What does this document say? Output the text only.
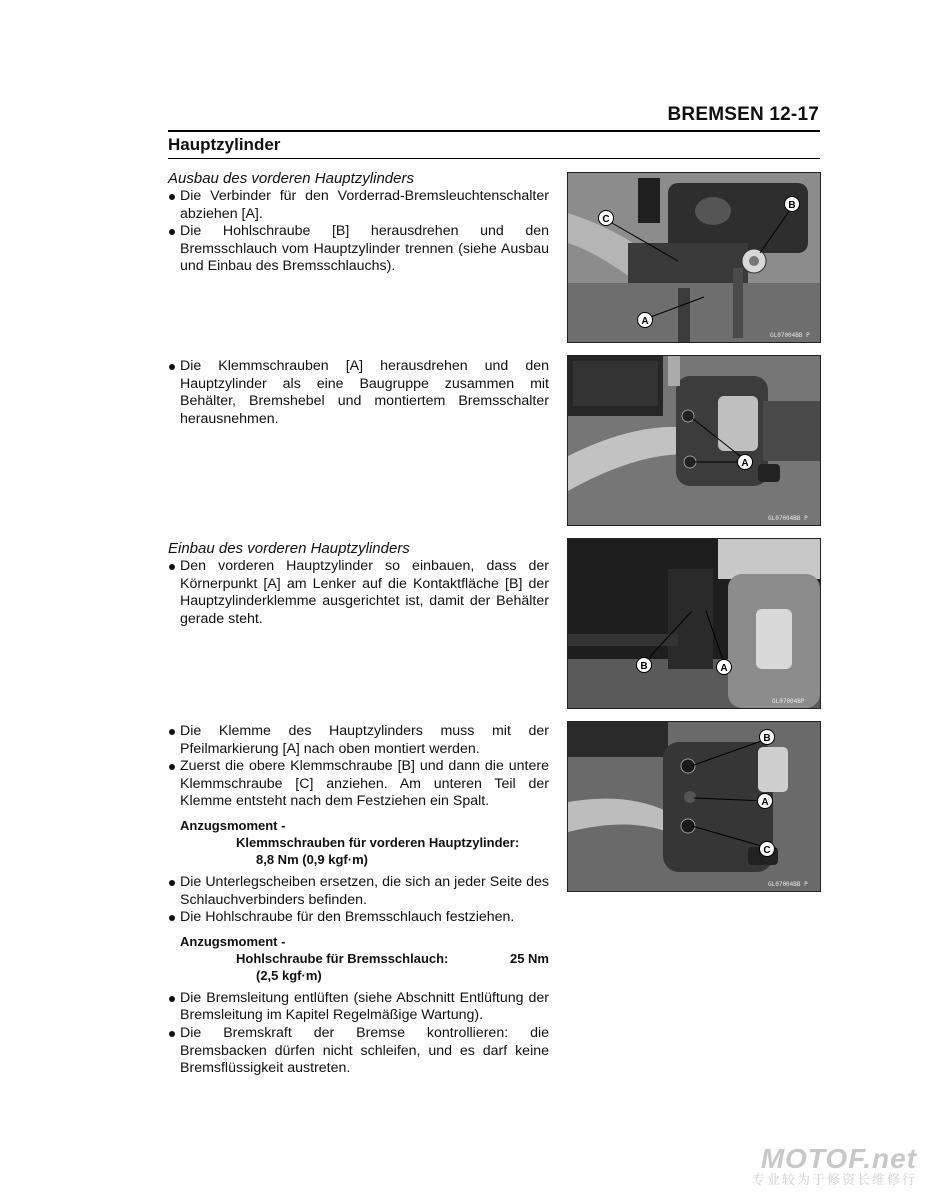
BREMSEN 12-17
Hauptzylinder
Ausbau des vorderen Hauptzylinders
Die Verbinder für den Vorderrad-Bremsleuchtenschalter abziehen [A].
Die Hohlschraube [B] herausdrehen und den Bremsschlauch vom Hauptzylinder trennen (siehe Ausbau und Einbau des Bremsschlauchs).
Die Klemmschrauben [A] herausdrehen und den Hauptzylinder als eine Baugruppe zusammen mit Behälter, Bremshebel und montiertem Bremsschalter herausnehmen.
Einbau des vorderen Hauptzylinders
Den vorderen Hauptzylinder so einbauen, dass der Körnerpunkt [A] am Lenker auf die Kontaktfläche [B] der Hauptzylinderklemme ausgerichtet ist, damit der Behälter gerade steht.
Die Klemme des Hauptzylinders muss mit der Pfeilmarkierung [A] nach oben montiert werden.
Zuerst die obere Klemmschraube [B] und dann die untere Klemmschraube [C] anziehen. Am unteren Teil der Klemme entsteht nach dem Festziehen ein Spalt.
Anzugsmoment -
Klemmschrauben für vorderen Hauptzylinder:
8,8 Nm (0,9 kgf·m)
Die Unterlegscheiben ersetzen, die sich an jeder Seite des Schlauchverbinders befinden.
Die Hohlschraube für den Bremsschlauch festziehen.
Anzugsmoment -
Hohlschraube für Bremsschlauch:	25 Nm
(2,5 kgf·m)
Die Bremsleitung entlüften (siehe Abschnitt Entlüftung der Bremsleitung im Kapitel Regelmäßige Wartung).
Die Bremskraft der Bremse kontrollieren: die Bremsbacken dürfen nicht schleifen, und es darf keine Bremsflüssigkeit austreten.
C
B
A
GL07004BB P
A
GL07004BB P
B	A
GL07004BP
B
A
C
GL07004BB P
MOTOF.net
专业较为于修资长维修行
